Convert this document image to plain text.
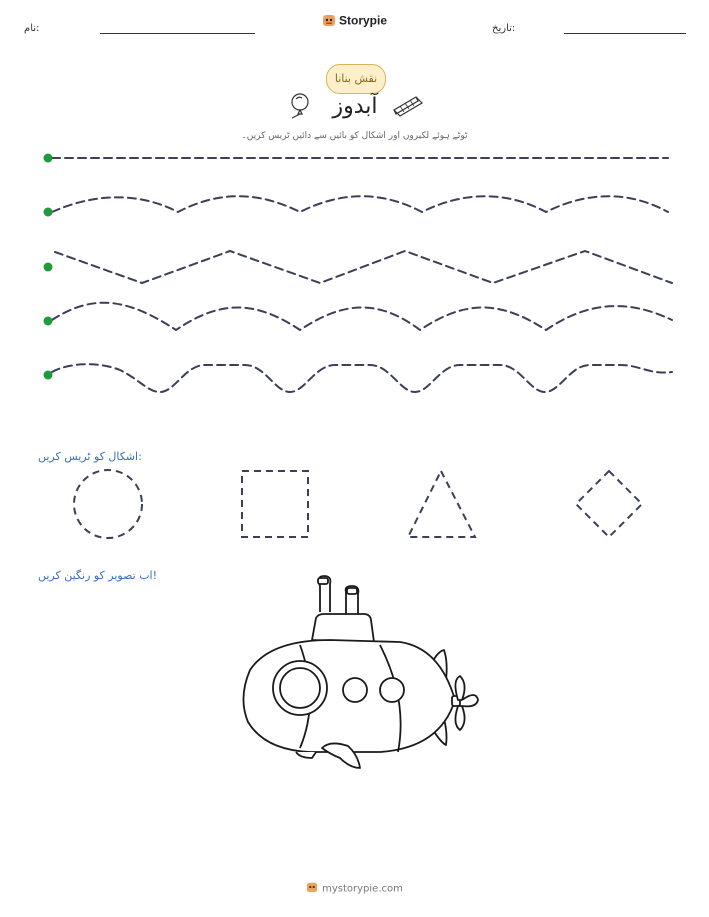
نام:	تاریخ:
Storypie
نقش بنانا
آبدوز
ٹوٹے ہوئے لکیروں اور اشکال کو بائیں سے دائیں ٹریس کریں۔
اشکال کو ٹریس کریں:
اب تصویر کو رنگین کریں!
mystorypie.com
